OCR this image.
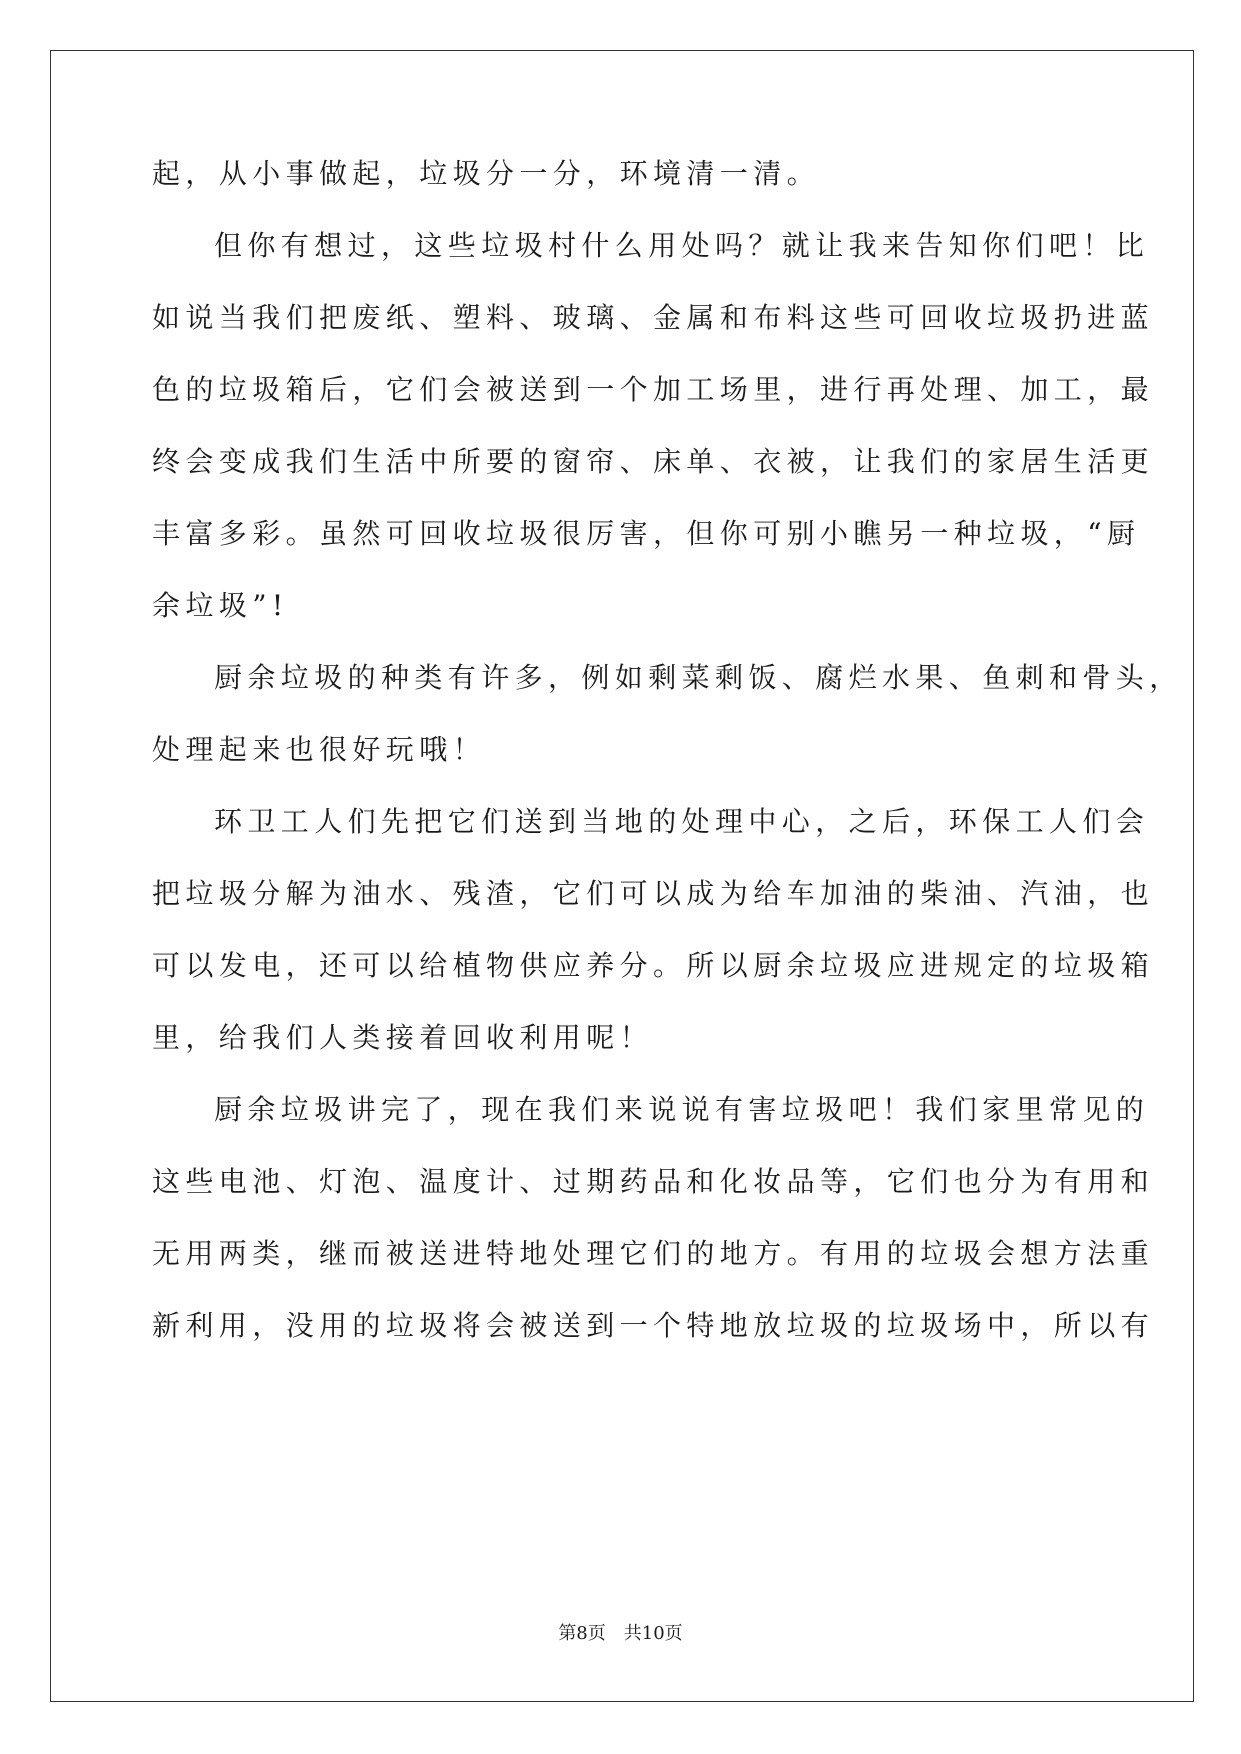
起，从小事做起，垃圾分一分，环境清一清。
但你有想过，这些垃圾村什么用处吗？就让我来告知你们吧！比
如说当我们把废纸、塑料、玻璃、金属和布料这些可回收垃圾扔进蓝
色的垃圾箱后，它们会被送到一个加工场里，进行再处理、加工，最
终会变成我们生活中所要的窗帘、床单、衣被，让我们的家居生活更
丰富多彩。虽然可回收垃圾很厉害，但你可别小瞧另一种垃圾，“厨
余垃圾”!
厨余垃圾的种类有许多，例如剩菜剩饭、腐烂水果、鱼刺和骨头，
处理起来也很好玩哦！
环卫工人们先把它们送到当地的处理中心，之后，环保工人们会
把垃圾分解为油水、残渣，它们可以成为给车加油的柴油、汽油，也
可以发电，还可以给植物供应养分。所以厨余垃圾应进规定的垃圾箱
里，给我们人类接着回收利用呢！
厨余垃圾讲完了，现在我们来说说有害垃圾吧！我们家里常见的
这些电池、灯泡、温度计、过期药品和化妆品等，它们也分为有用和
无用两类，继而被送进特地处理它们的地方。有用的垃圾会想方法重
新利用，没用的垃圾将会被送到一个特地放垃圾的垃圾场中，所以有
第8页 共10页
